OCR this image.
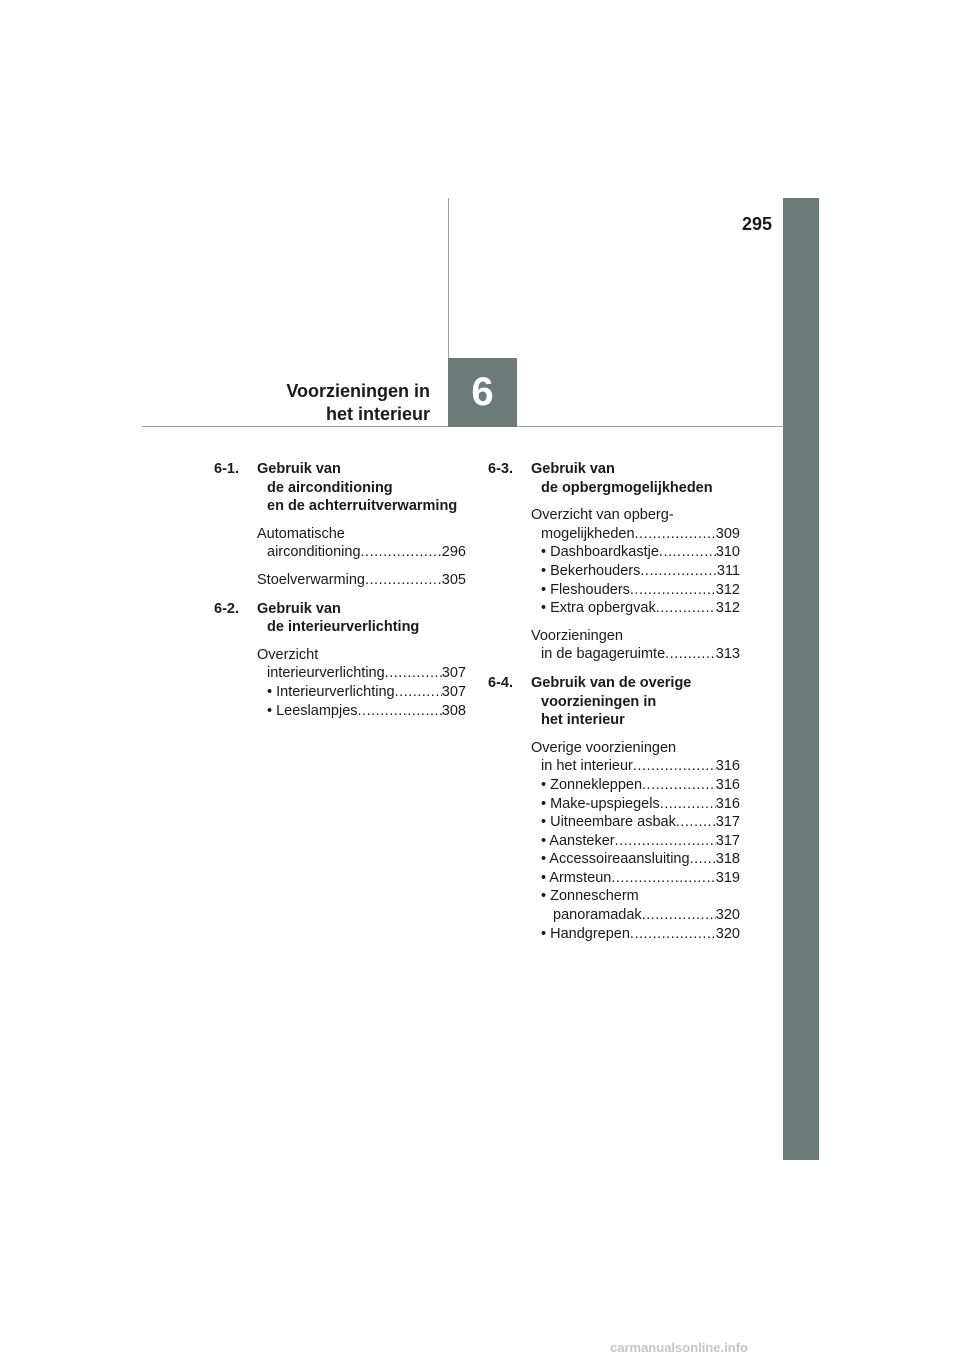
295
Voorzieningen in
het interieur 6
6-1. Gebruik van
de airconditioning
en de achterruitverwarming
Automatische
airconditioning .....	296
Stoelverwarming .....	305
6-2. Gebruik van
de interieurverlichting
Overzicht
interieurverlichting .....	307
• Interieurverlichting .....	307
• Leeslampjes .....	308
6-3. Gebruik van
de opbergmogelijkheden
Overzicht van opberg-
mogelijkheden .....	309
• Dashboardkastje .....	310
• Bekerhouders .....	311
• Fleshouders .....	312
• Extra opbergvak .....	312
Voorzieningen
in de bagageruimte .....	313
6-4. Gebruik van de overige
voorzieningen in
het interieur
Overige voorzieningen
in het interieur .....	316
• Zonnekleppen .....	316
• Make-upspiegels .....	316
• Uitneembare asbak .....	317
• Aansteker .....	317
• Accessoireaansluiting ..... 318
• Armsteun .....	319
• Zonnescherm
panoramadak .....	320
• Handgrepen .....	320
carmanualsonline.info
